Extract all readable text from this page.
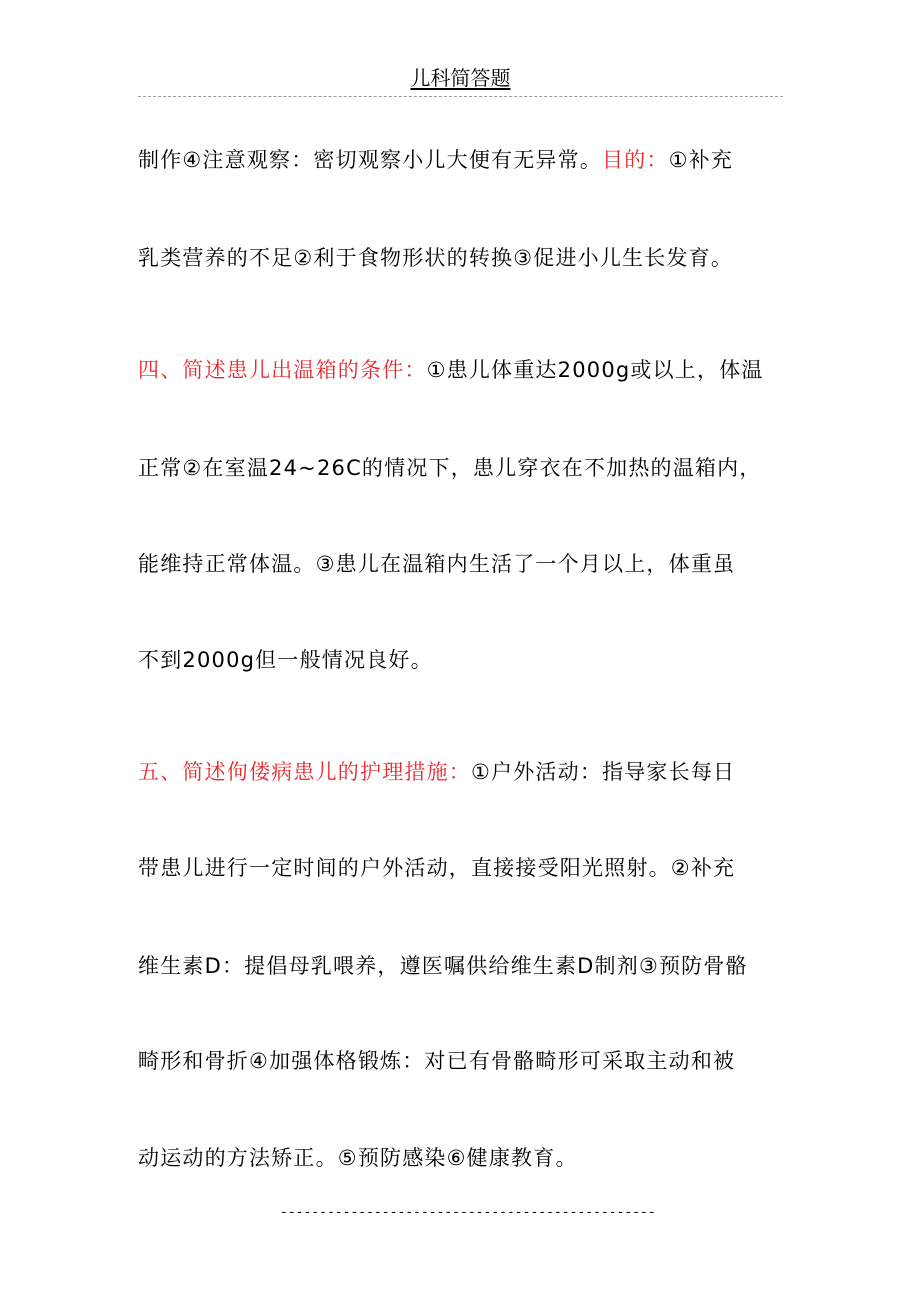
儿科简答题
制作④注意观察：密切观察小儿大便有无异常。目的：①补充
乳类营养的不足②利于食物形状的转换③促进小儿生长发育。
四、简述患儿出温箱的条件：①患儿体重达2000g或以上，体温
正常②在室温24~26C的情况下，患儿穿衣在不加热的温箱内，
能维持正常体温。③患儿在温箱内生活了一个月以上，体重虽
不到2000g但一般情况良好。
五、简述佝偻病患儿的护理措施：①户外活动：指导家长每日
带患儿进行一定时间的户外活动，直接接受阳光照射。②补充
维生素D：提倡母乳喂养，遵医嘱供给维生素D制剂③预防骨骼
畸形和骨折④加强体格锻炼：对已有骨骼畸形可采取主动和被
动运动的方法矫正。⑤预防感染⑥健康教育。
------------------------------------------------
